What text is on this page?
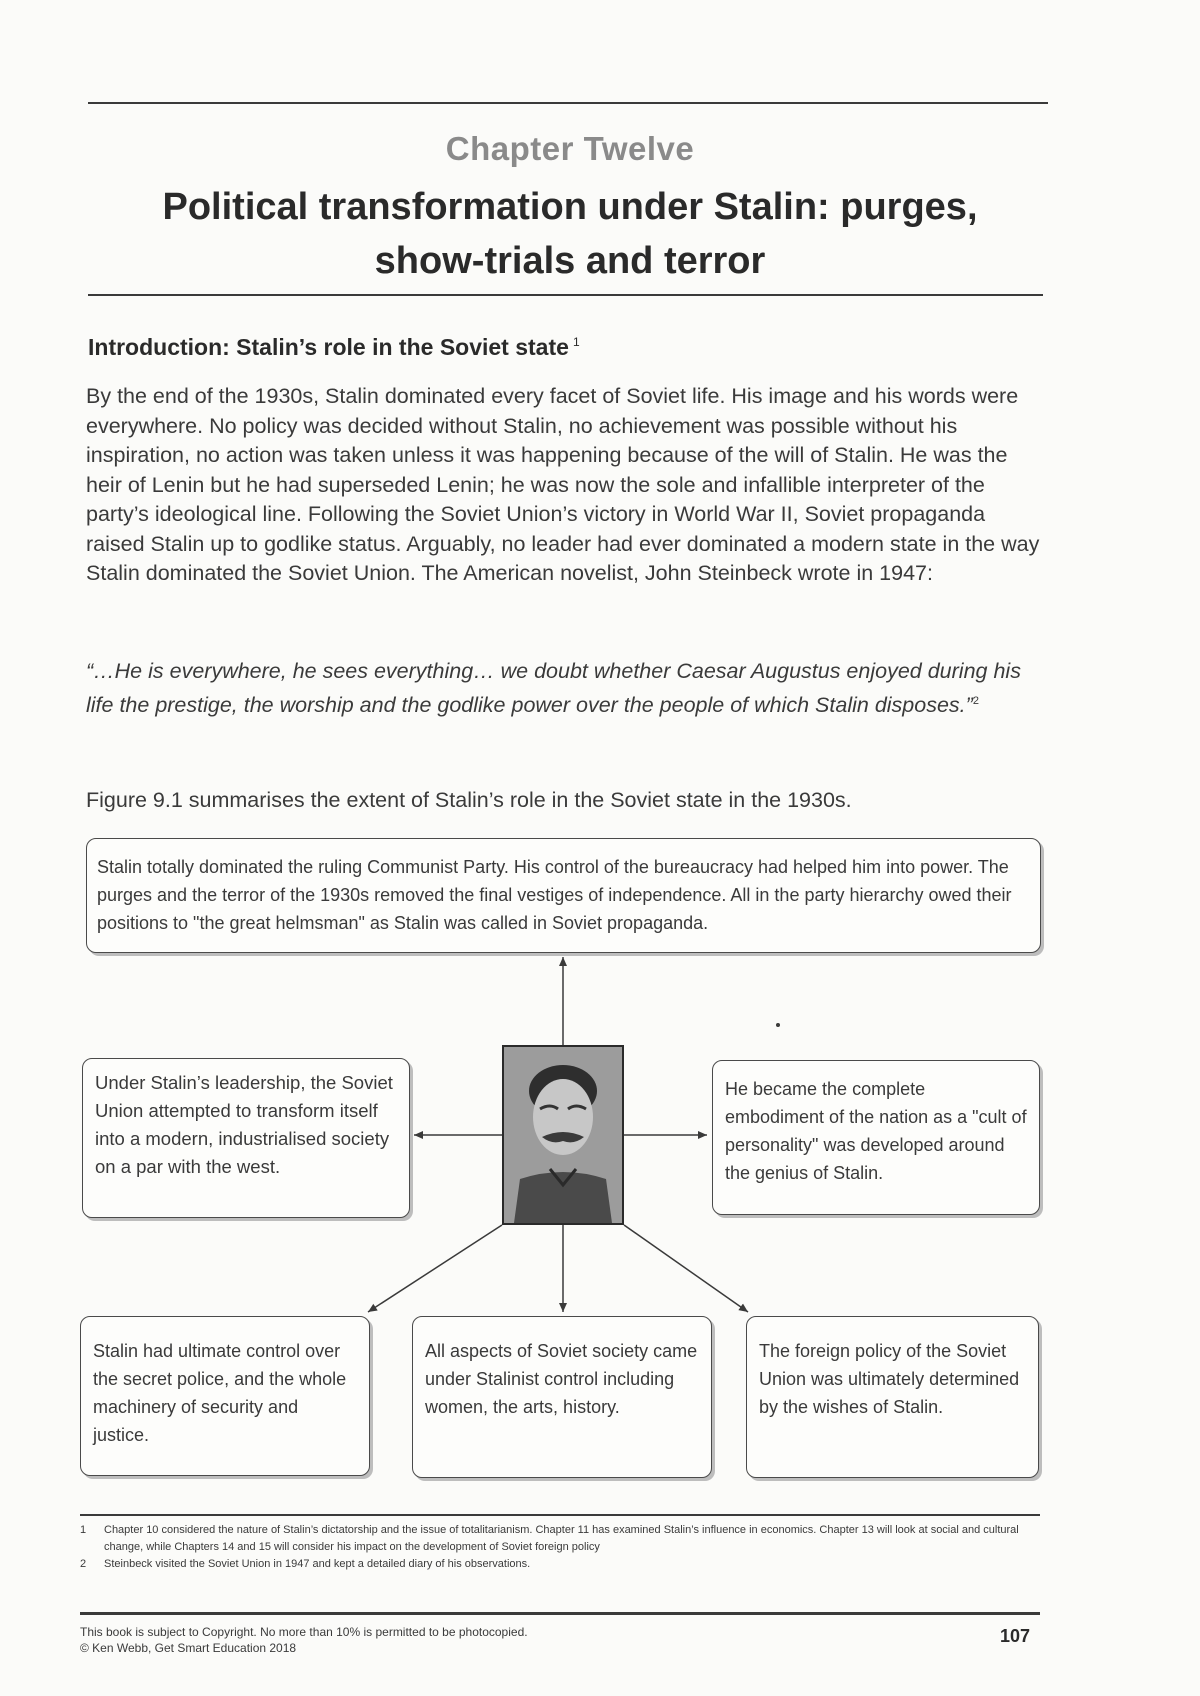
Chapter Twelve
Political transformation under Stalin: purges, show-trials and terror
Introduction: Stalin’s role in the Soviet state $^1$
By the end of the 1930s, Stalin dominated every facet of Soviet life. His image and his words were everywhere. No policy was decided without Stalin, no achievement was possible without his inspiration, no action was taken unless it was happening because of the will of Stalin. He was the heir of Lenin but he had superseded Lenin; he was now the sole and infallible interpreter of the party’s ideological line. Following the Soviet Union’s victory in World War II, Soviet propaganda raised Stalin up to godlike status. Arguably, no leader had ever dominated a modern state in the way Stalin dominated the Soviet Union. The American novelist, John Steinbeck wrote in 1947:
“…He is everywhere, he sees everything… we doubt whether Caesar Augustus enjoyed during his life the prestige, the worship and the godlike power over the people of which Stalin disposes.”$^2$
Figure 9.1 summarises the extent of Stalin’s role in the Soviet state in the 1930s.
Stalin totally dominated the ruling Communist Party. His control of the bureaucracy had helped him into power. The purges and the terror of the 1930s removed the final vestiges of independence. All in the party hierarchy owed their positions to "the great helmsman" as Stalin was called in Soviet propaganda.
Under Stalin’s leadership, the Soviet Union attempted to transform itself into a modern, industrialised society on a par with the west.
He became the complete embodiment of the nation as a "cult of personality" was developed around the genius of Stalin.
Stalin had ultimate control over the secret police, and the whole machinery of security and justice.
All aspects of Soviet society came under Stalinist control including women, the arts, history.
The foreign policy of the Soviet Union was ultimately determined by the wishes of Stalin.
1	Chapter 10 considered the nature of Stalin’s dictatorship and the issue of totalitarianism. Chapter 11 has examined Stalin’s influence in economics. Chapter 13 will look at social and cultural change, while Chapters 14 and 15 will consider his impact on the development of Soviet foreign policy
2	Steinbeck visited the Soviet Union in 1947 and kept a detailed diary of his observations.
This book is subject to Copyright. No more than 10% is permitted to be photocopied.
© Ken Webb, Get Smart Education 2018
107
